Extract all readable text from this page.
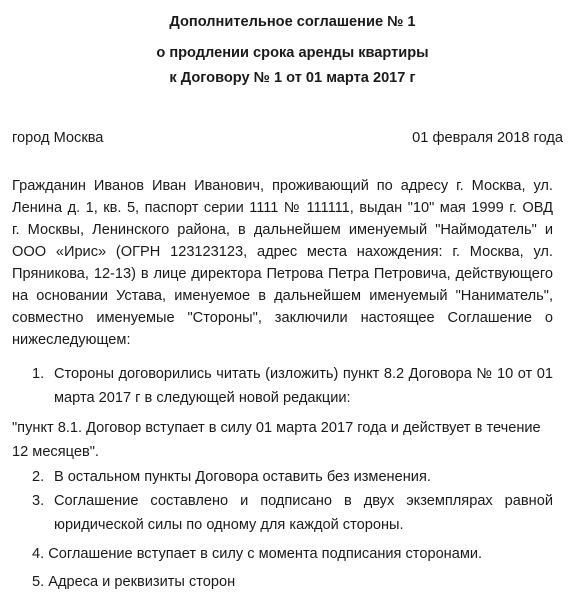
Дополнительное соглашение № 1
о продлении срока аренды квартиры
к Договору № 1 от 01 марта 2017 г
город Москва	01 февраля 2018 года
Гражданин Иванов Иван Иванович, проживающий по адресу г. Москва, ул.
Ленина д. 1, кв. 5, паспорт серии 1111 № 111111, выдан "10" мая 1999 г. ОВД
г. Москвы, Ленинского района, в дальнейшем именуемый "Наймодатель" и
ООО «Ирис» (ОГРН 123123123, адрес места нахождения: г. Москва, ул.
Пряникова, 12-13) в лице директора Петрова Петра Петровича, действующего
на основании Устава, именуемое в дальнейшем именуемый "Наниматель",
совместно именуемые "Стороны", заключили настоящее Соглашение о
нижеследующем:
1. Стороны договорились читать (изложить) пункт 8.2 Договора № 10 от 01
марта 2017 г в следующей новой редакции:
"пункт 8.1. Договор вступает в силу 01 марта 2017 года и действует в течение
12 месяцев".
2. В остальном пункты Договора оставить без изменения.
3. Соглашение составлено и подписано в двух экземплярах равной
юридической силы по одному для каждой стороны.
4. Соглашение вступает в силу с момента подписания сторонами.
5. Адреса и реквизиты сторон
